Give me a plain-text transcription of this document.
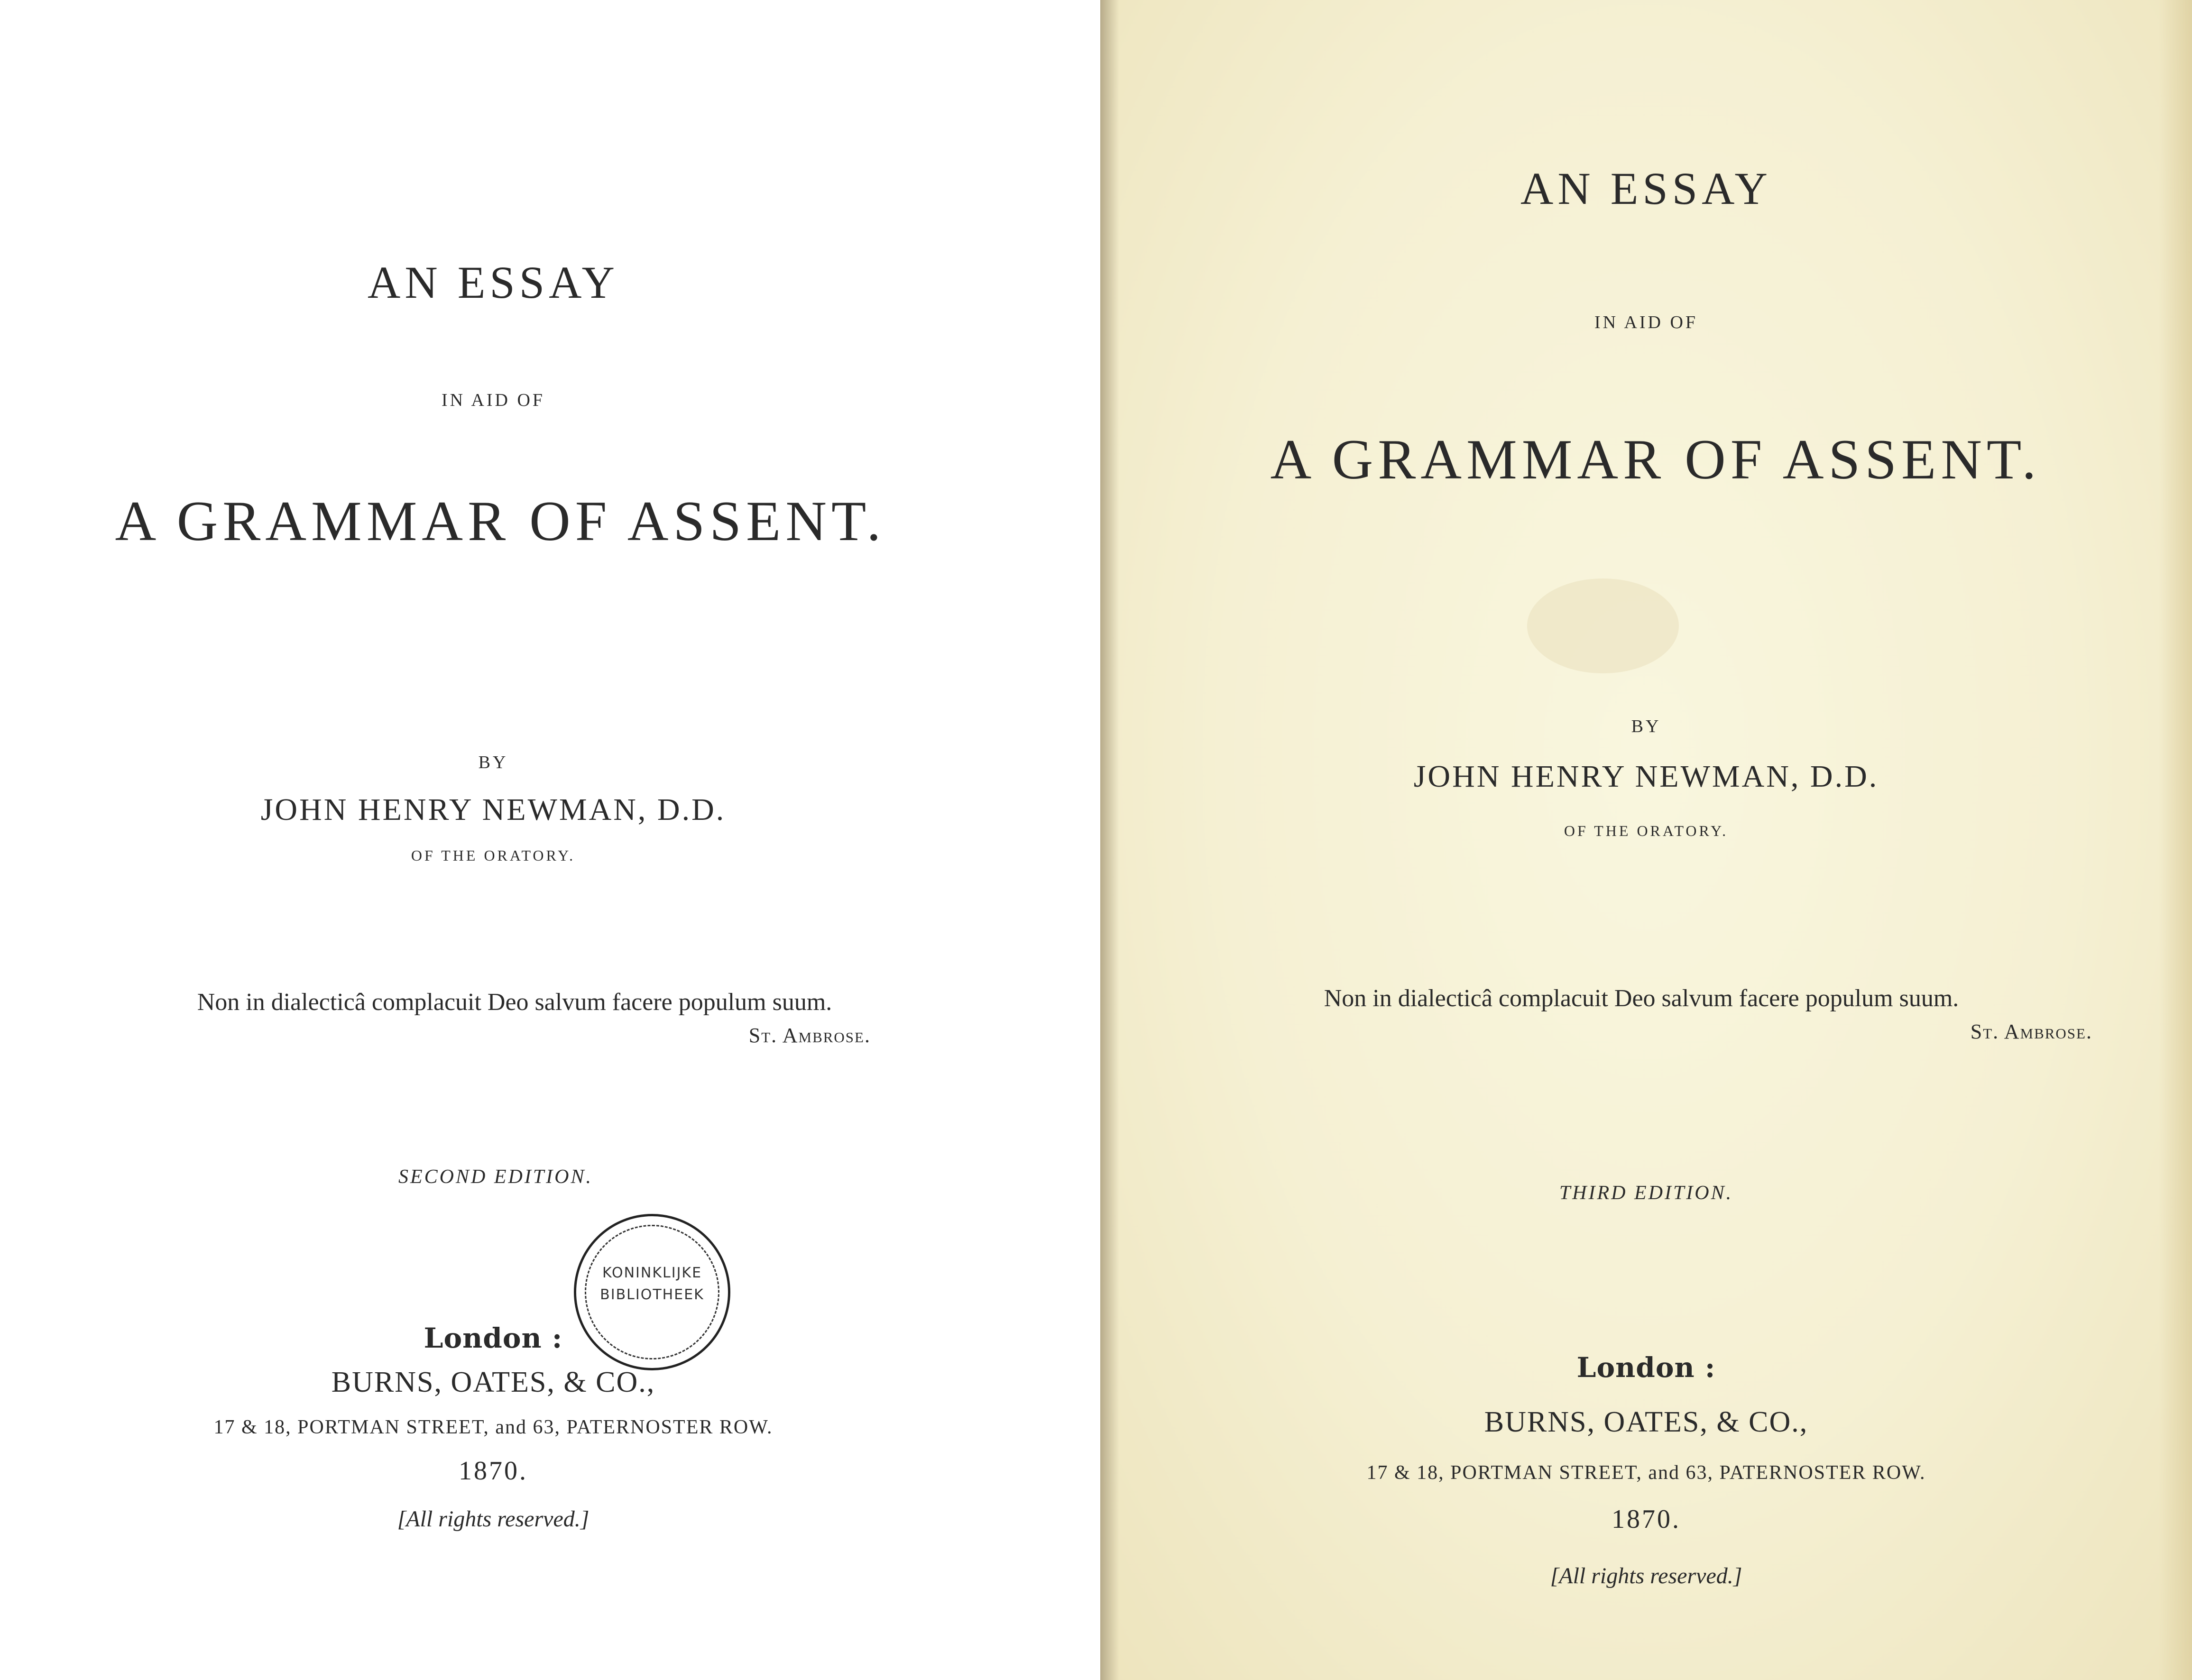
AN ESSAY
IN AID OF
A GRAMMAR OF ASSENT.
BY
JOHN HENRY NEWMAN, D.D.
OF THE ORATORY.
Non in dialecticâ complacuit Deo salvum facere populum suum.
St. Ambrose.
SECOND EDITION.
KONINKLIJKE
BIBLIOTHEEK
London :
BURNS, OATES, & CO.,
17 & 18, PORTMAN STREET, and 63, PATERNOSTER ROW.
1870.
[All rights reserved.]
AN ESSAY
IN AID OF
A GRAMMAR OF ASSENT.
BY
JOHN HENRY NEWMAN, D.D.
OF THE ORATORY.
Non in dialecticâ complacuit Deo salvum facere populum suum.
St. Ambrose.
THIRD EDITION.
London :
BURNS, OATES, & CO.,
17 & 18, PORTMAN STREET, and 63, PATERNOSTER ROW.
1870.
[All rights reserved.]
